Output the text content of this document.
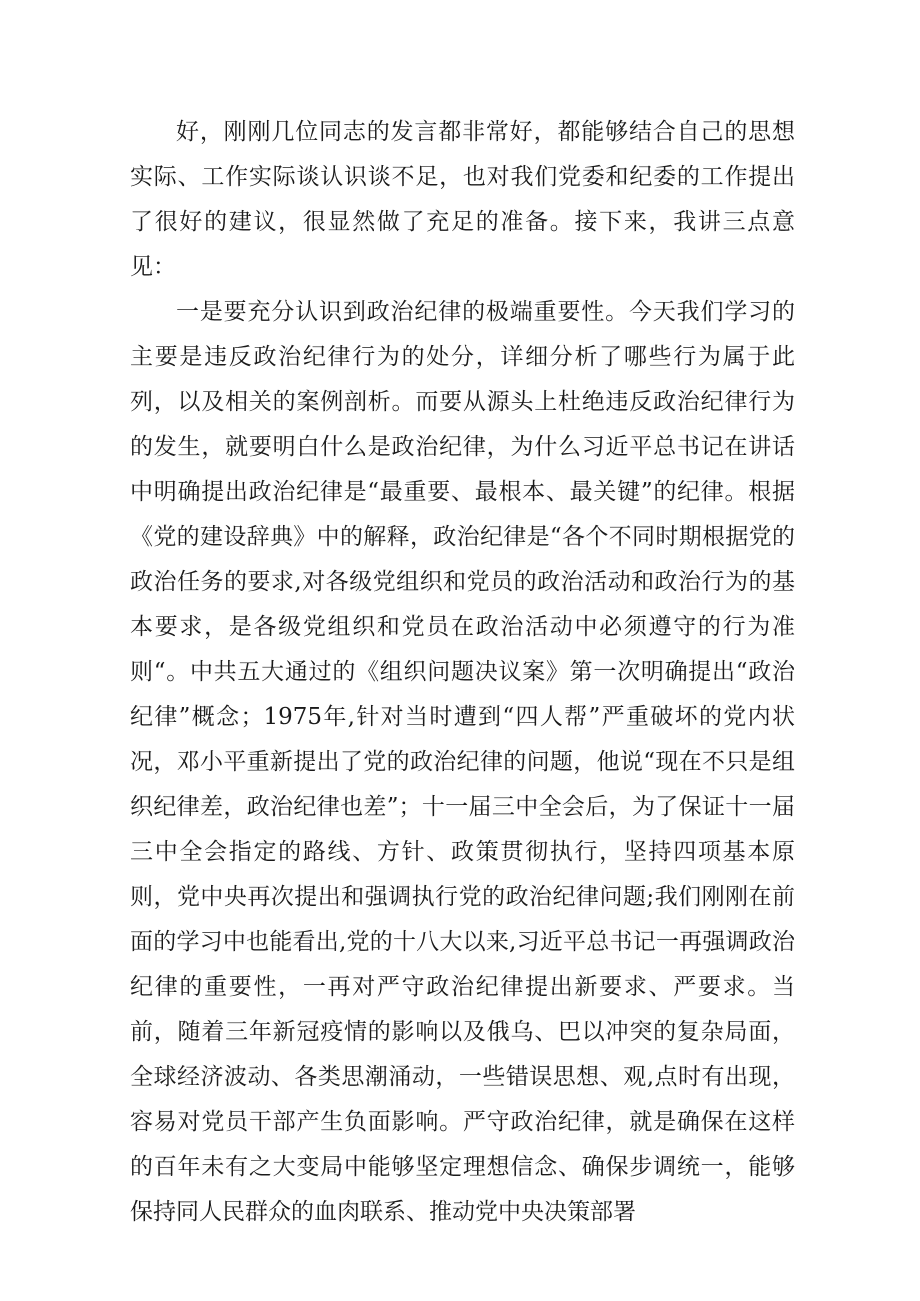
好，刚刚几位同志的发言都非常好，都能够结合自己的思想实际、工作实际谈认识谈不足，也对我们党委和纪委的工作提出了很好的建议，很显然做了充足的准备。接下来，我讲三点意见：

一是要充分认识到政治纪律的极端重要性。今天我们学习的主要是违反政治纪律行为的处分，详细分析了哪些行为属于此列，以及相关的案例剖析。而要从源头上杜绝违反政治纪律行为的发生，就要明白什么是政治纪律，为什么习近平总书记在讲话中明确提出政治纪律是“最重要、最根本、最关键”的纪律。根据《党的建设辞典》中的解释，政治纪律是“各个不同时期根据党的政治任务的要求,对各级党组织和党员的政治活动和政治行为的基本要求，是各级党组织和党员在政治活动中必须遵守的行为准则“。中共五大通过的《组织问题决议案》第一次明确提出“政治纪律”概念；1975年,针对当时遭到“四人帮”严重破坏的党内状况，邓小平重新提出了党的政治纪律的问题，他说“现在不只是组织纪律差，政治纪律也差”；十一届三中全会后，为了保证十一届三中全会指定的路线、方针、政策贯彻执行，坚持四项基本原则，党中央再次提出和强调执行党的政治纪律问题;我们刚刚在前面的学习中也能看出,党的十八大以来,习近平总书记一再强调政治纪律的重要性，一再对严守政治纪律提出新要求、严要求。当前，随着三年新冠疫情的影响以及俄乌、巴以冲突的复杂局面，全球经济波动、各类思潮涌动，一些错误思想、观,点时有出现，容易对党员干部产生负面影响。严守政治纪律，就是确保在这样的百年未有之大变局中能够坚定理想信念、确保步调统一，能够保持同人民群众的血肉联系、推动党中央决策部署
